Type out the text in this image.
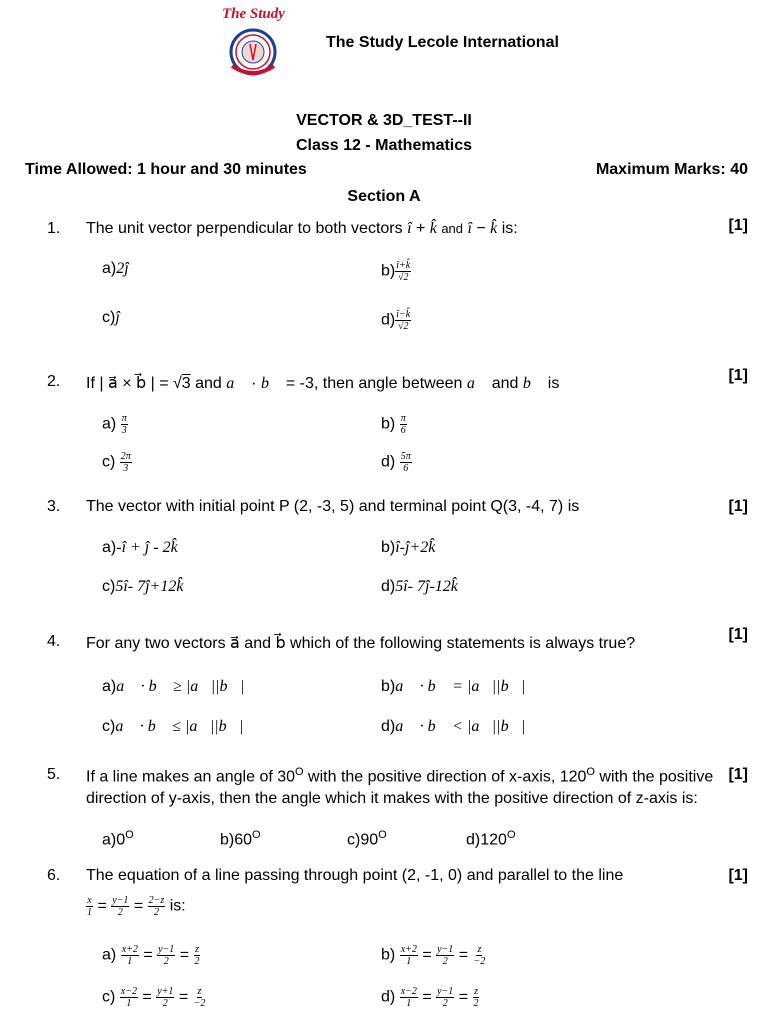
The Study
The Study Lecole International
VECTOR & 3D_TEST--II
Class 12 - Mathematics
Time Allowed: 1 hour and 30 minutes	Maximum Marks: 40
Section A
1.	The unit vector perpendicular to both vectors î + k̂ and î − k̂ is:	[1]
a)2ĵ	$b) \frac{î+k̂}{√2}$
c)ĵ	$d) \frac{î-k̂}{√2}$
2.	If | a⃗ × b⃗ | = √3 and a⃗ · b⃗ = -3, then angle between a⃗ and b⃗ is	[1]
$a) \frac{\pi}{3}$	$b) \frac{\pi}{6}$
$c) \frac{2\pi}{3}$	$d) \frac{5\pi}{6}$
3.	The vector with initial point P (2, -3, 5) and terminal point Q(3, -4, 7) is	[1]
a)-î + ĵ - 2k̂	b)î-ĵ+2k̂
c)5î- 7ĵ+12k̂	d)5î- 7ĵ-12k̂
4.	For any two vectors a⃗ and b⃗ which of the following statements is always true?
[1]
a)a⃗ · b⃗ ≥ |a⃗||b⃗|	b)a⃗ · b⃗ = |a⃗||b⃗|
c)a⃗ · b⃗ ≤ |a⃗||b⃗|	d)a⃗ · b⃗ < |a⃗||b⃗|
5.	If a line makes an angle of $30^O$ with the positive direction of x-axis, $120^O$ with the positive
direction of y-axis, then the angle which it makes with the positive direction of z-axis is:
[1]
$a)0^O$	$b)60^O$	$c)90^O$	$d)120^O$
6.	The equation of a line passing through point (2, -1, 0) and parallel to the line	[1]
$\frac{x}{1} = \frac{y-1}{2} = \frac{2-z}{2}$ is:
$a) \frac{x+2}{1} = \frac{y-1}{2} = \frac{z}{2}$	$b) \frac{x+2}{1} = \frac{y-1}{2} = \frac{z}{-2}$
$c) \frac{x-2}{1} = \frac{y+1}{2} = \frac{z}{-2}$	$d) \frac{x-2}{1} = \frac{y-1}{2} = \frac{z}{2}$
